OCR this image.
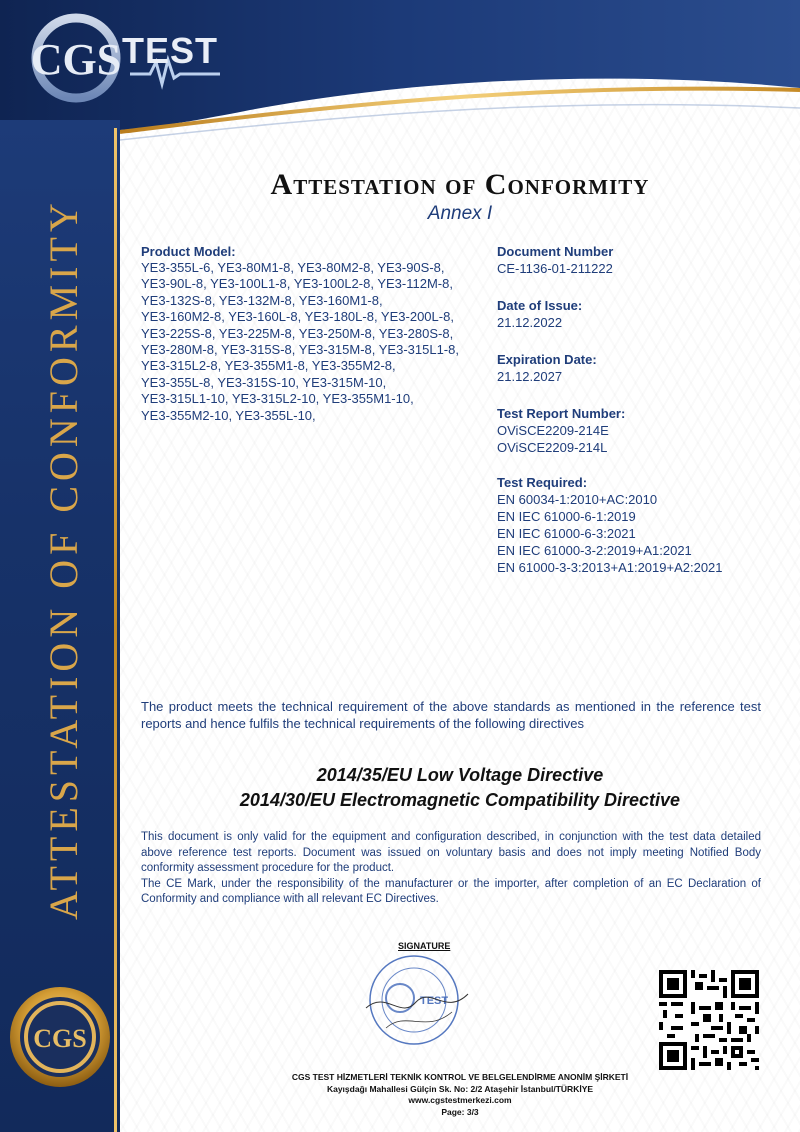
ATTESTATION OF CONFORMITY
CGS TEST
Attestation of Conformity
Annex I
Product Model:
YE3-355L-6, YE3-80M1-8, YE3-80M2-8, YE3-90S-8,
YE3-90L-8, YE3-100L1-8, YE3-100L2-8, YE3-112M-8,
YE3-132S-8, YE3-132M-8, YE3-160M1-8,
YE3-160M2-8, YE3-160L-8, YE3-180L-8, YE3-200L-8,
YE3-225S-8, YE3-225M-8, YE3-250M-8, YE3-280S-8,
YE3-280M-8, YE3-315S-8, YE3-315M-8, YE3-315L1-8,
YE3-315L2-8, YE3-355M1-8, YE3-355M2-8,
YE3-355L-8, YE3-315S-10, YE3-315M-10,
YE3-315L1-10, YE3-315L2-10, YE3-355M1-10,
YE3-355M2-10, YE3-355L-10,
Document Number
CE-1136-01-211222
Date of Issue:
21.12.2022
Expiration Date:
21.12.2027
Test Report Number:
OViSCE2209-214E
OViSCE2209-214L
Test Required:
EN 60034-1:2010+AC:2010
EN IEC 61000-6-1:2019
EN IEC 61000-6-3:2021
EN IEC 61000-3-2:2019+A1:2021
EN 61000-3-3:2013+A1:2019+A2:2021
The product meets the technical requirement of the above standards as mentioned in the reference test reports and hence fulfils the technical requirements of the following directives
2014/35/EU Low Voltage Directive
2014/30/EU Electromagnetic Compatibility Directive
This document is only valid for the equipment and configuration described, in conjunction with the test data detailed above reference test reports. Document was issued on voluntary basis and does not imply meeting Notified Body conformity assessment procedure for the product.
The CE Mark, under the responsibility of the manufacturer or the importer, after completion of an EC Declaration of Conformity and compliance with all relevant EC Directives.
SIGNATURE
TEST
CGS TEST HİZMETLERİ TEKNİK KONTROL VE BELGELENDİRME ANONİM ŞİRKETİ
Kayışdağı Mahallesi Gülçin Sk. No: 2/2 Ataşehir İstanbul/TÜRKİYE
www.cgstestmerkezi.com
Page: 3/3
CGS
